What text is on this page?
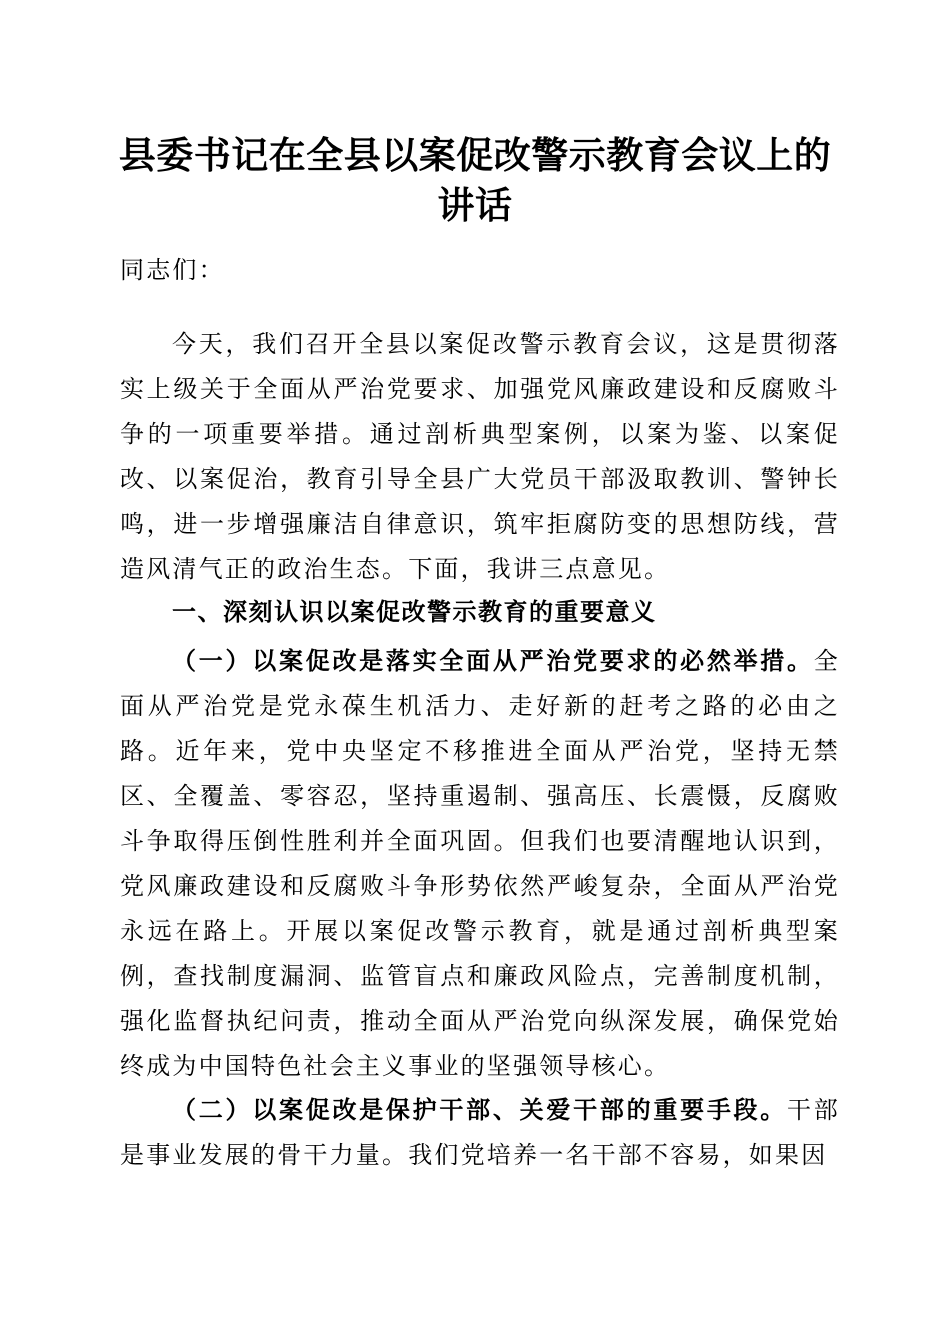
县委书记在全县以案促改警示教育会议上的讲话
同志们：
今天，我们召开全县以案促改警示教育会议，这是贯彻落实上级关于全面从严治党要求、加强党风廉政建设和反腐败斗争的一项重要举措。通过剖析典型案例，以案为鉴、以案促改、以案促治，教育引导全县广大党员干部汲取教训、警钟长鸣，进一步增强廉洁自律意识，筑牢拒腐防变的思想防线，营造风清气正的政治生态。下面，我讲三点意见。
一、深刻认识以案促改警示教育的重要意义
（一）以案促改是落实全面从严治党要求的必然举措。全面从严治党是党永葆生机活力、走好新的赶考之路的必由之路。近年来，党中央坚定不移推进全面从严治党，坚持无禁区、全覆盖、零容忍，坚持重遏制、强高压、长震慑，反腐败斗争取得压倒性胜利并全面巩固。但我们也要清醒地认识到，党风廉政建设和反腐败斗争形势依然严峻复杂，全面从严治党永远在路上。开展以案促改警示教育，就是通过剖析典型案例，查找制度漏洞、监管盲点和廉政风险点，完善制度机制，强化监督执纪问责，推动全面从严治党向纵深发展，确保党始终成为中国特色社会主义事业的坚强领导核心。
（二）以案促改是保护干部、关爱干部的重要手段。干部是事业发展的骨干力量。我们党培养一名干部不容易，如果因
